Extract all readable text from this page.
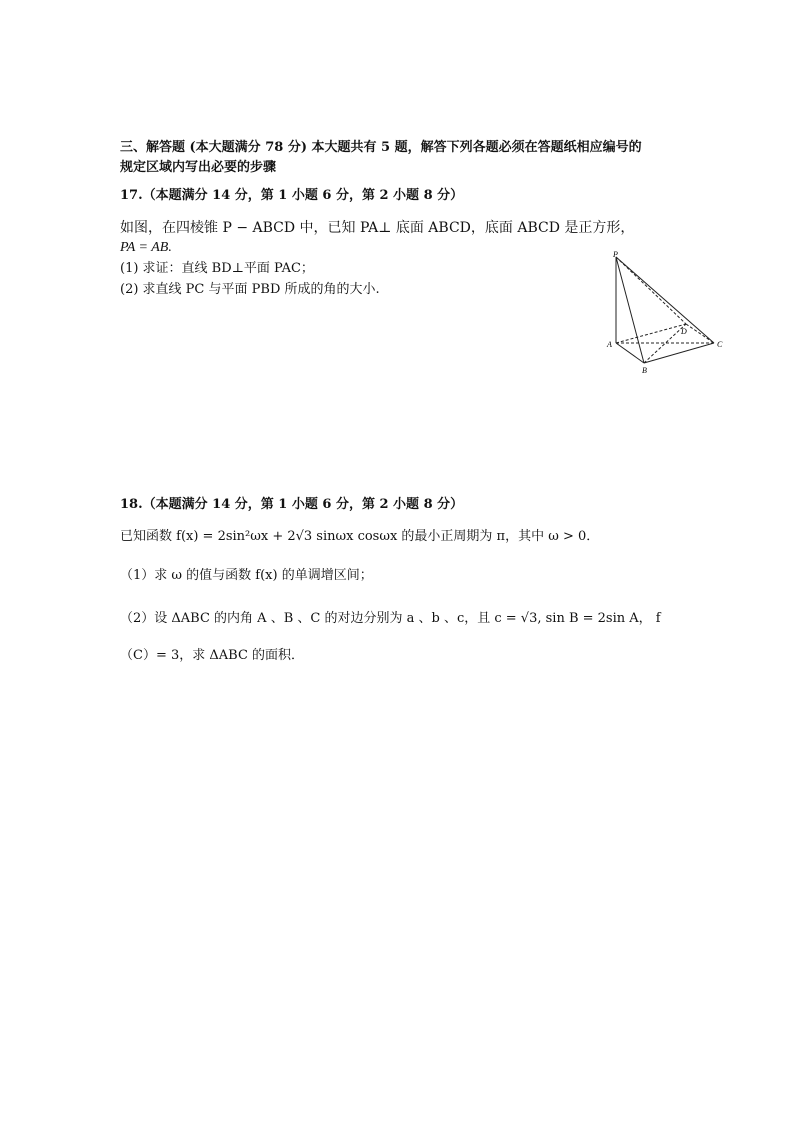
三、解答题 (本大题满分 78 分) 本大题共有 5 题，解答下列各题必须在答题纸相应编号的
规定区域内写出必要的步骤
17.（本题满分 14 分，第 1 小题 6 分，第 2 小题 8 分）
如图，在四棱锥 P − ABCD 中，已知 PA⊥ 底面 ABCD，底面 ABCD 是正方形，
PA = AB.
(1) 求证：直线 BD⊥平面 PAC；
(2) 求直线 PC 与平面 PBD 所成的角的大小.
P
A
B
C
D
18.（本题满分 14 分，第 1 小题 6 分，第 2 小题 8 分）
已知函数 f(x) = 2sin²ωx + 2√3 sinωx cosωx 的最小正周期为 π，其中 ω > 0．
（1）求 ω 的值与函数 f(x) 的单调增区间；
（2）设 ΔABC 的内角 A 、B 、C 的对边分别为 a 、b 、c，且 c = √3, sin B = 2sin A， f
（C）= 3，求 ΔABC 的面积．
